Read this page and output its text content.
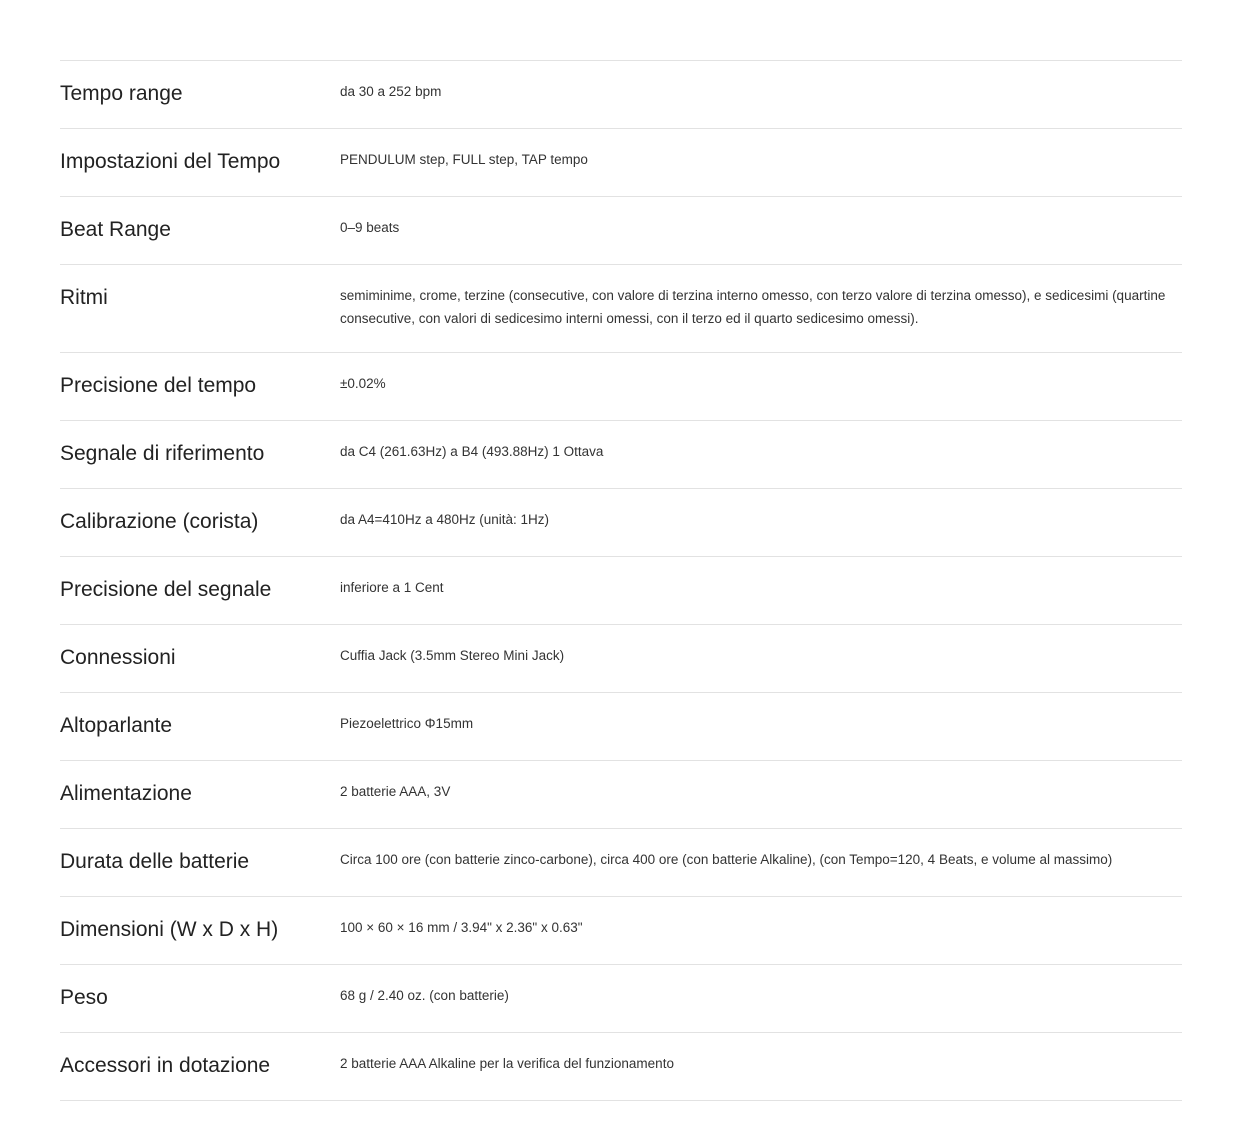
Tempo range	da 30 a 252 bpm
Impostazioni del Tempo	PENDULUM step, FULL step, TAP tempo
Beat Range	0–9 beats
Ritmi	semiminime, crome, terzine (consecutive, con valore di terzina interno omesso, con terzo valore di terzina omesso), e sedicesimi (quartine consecutive, con valori di sedicesimo interni omessi, con il terzo ed il quarto sedicesimo omessi).
Precisione del tempo	±0.02%
Segnale di riferimento	da C4 (261.63Hz) a B4 (493.88Hz) 1 Ottava
Calibrazione (corista)	da A4=410Hz a 480Hz (unità: 1Hz)
Precisione del segnale	inferiore a 1 Cent
Connessioni	Cuffia Jack (3.5mm Stereo Mini Jack)
Altoparlante	Piezoelettrico Φ15mm
Alimentazione	2 batterie AAA, 3V
Durata delle batterie	Circa 100 ore (con batterie zinco-carbone), circa 400 ore (con batterie Alkaline), (con Tempo=120, 4 Beats, e volume al massimo)
Dimensioni (W x D x H)	100 × 60 × 16 mm / 3.94" x 2.36" x 0.63"
Peso	68 g / 2.40 oz. (con batterie)
Accessori in dotazione	2 batterie AAA Alkaline per la verifica del funzionamento
